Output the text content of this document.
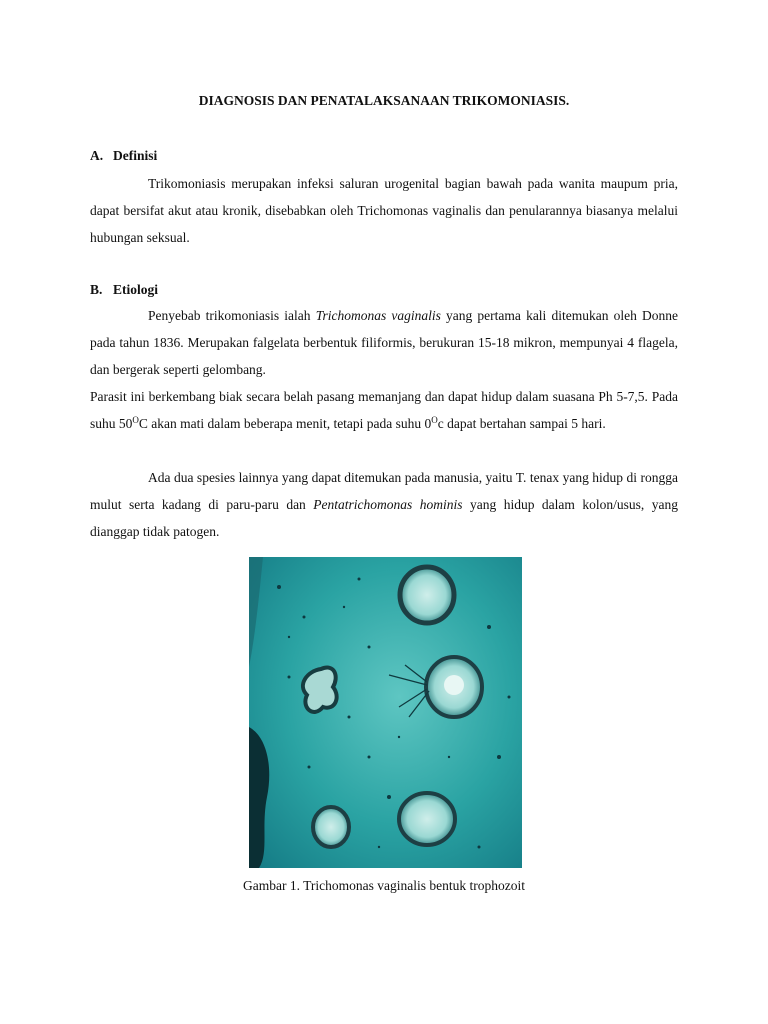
DIAGNOSIS DAN PENATALAKSANAAN TRIKOMONIASIS.
A. Definisi

Trikomoniasis merupakan infeksi saluran urogenital bagian bawah pada wanita maupum pria, dapat bersifat akut atau kronik, disebabkan oleh Trichomonas vaginalis dan penularannya biasanya melalui hubungan seksual.

B. Etiologi

Penyebab trikomoniasis ialah Trichomonas vaginalis yang pertama kali ditemukan oleh Donne pada tahun 1836. Merupakan falgelata berbentuk filiformis, berukuran 15-18 mikron, mempunyai 4 flagela, dan bergerak seperti gelombang.

Parasit ini berkembang biak secara belah pasang memanjang dan dapat hidup dalam suasana Ph 5-7,5. Pada suhu $50^OC$ akan mati dalam beberapa menit, tetapi pada suhu $0^Oc$ dapat bertahan sampai 5 hari.

Ada dua spesies lainnya yang dapat ditemukan pada manusia, yaitu T. tenax yang hidup di rongga mulut serta kadang di paru-paru dan Pentatrichomonas hominis yang hidup dalam kolon/usus, yang dianggap tidak patogen.

Gambar 1. Trichomonas vaginalis bentuk trophozoit
